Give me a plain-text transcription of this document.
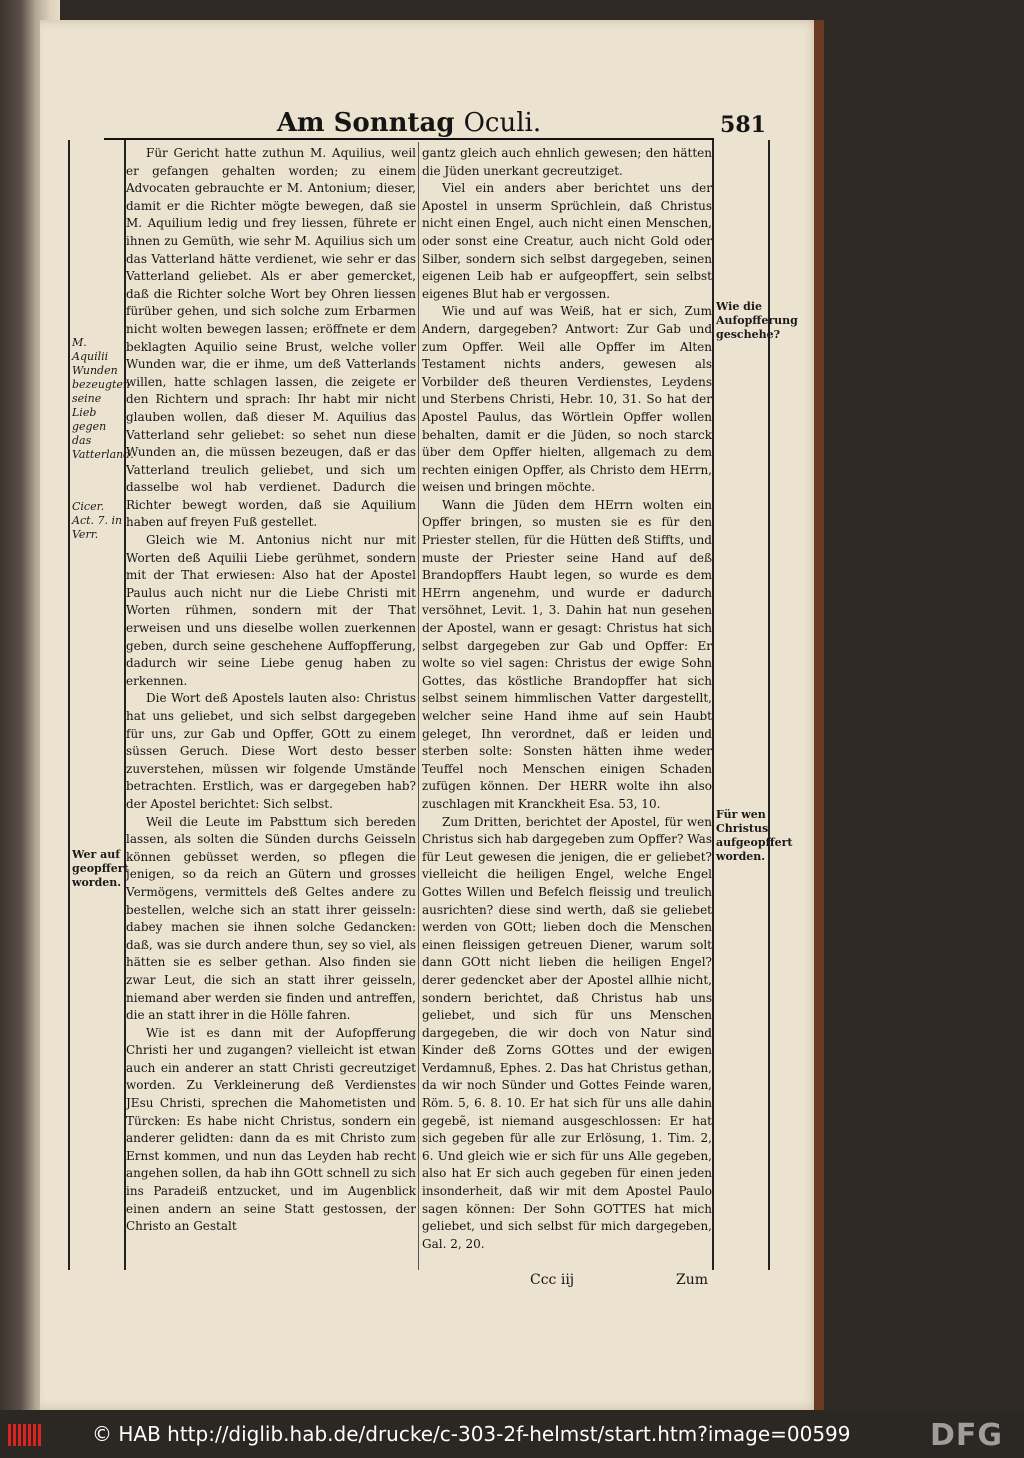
Am Sonntag Oculi.	581
M. Aquilii Wunden bezeugten seine Lieb gegen das Vatterland.
Cicer. Act. 7. in Verr.
Wer auf geopffert worden.
Wie die Aufopfferung geschehe?
Für wen Christus aufgeopffert worden.

Für Gericht hatte zuthun M. Aquilius, weil er gefangen gehalten worden; zu einem Advocaten gebrauchte er M. Antonium; dieser, damit er die Richter mögte bewegen, daß sie M. Aquilium ledig und frey liessen, führete er ihnen zu Gemüth, wie sehr M. Aquilius sich um das Vatterland hätte verdienet, wie sehr er das Vatterland geliebet. Als er aber gemercket, daß die Richter solche Wort bey Ohren liessen fürüber gehen, und sich solche zum Erbarmen nicht wolten bewegen lassen; eröffnete er dem beklagten Aquilio seine Brust, welche voller Wunden war, die er ihme, um deß Vatterlands willen, hatte schlagen lassen, die zeigete er den Richtern und sprach: Ihr habt mir nicht glauben wollen, daß dieser M. Aquilius das Vatterland sehr geliebet: so sehet nun diese Wunden an, die müssen bezeugen, daß er das Vatterland treulich geliebet, und sich um dasselbe wol hab verdienet. Dadurch die Richter bewegt worden, daß sie Aquilium haben auf freyen Fuß gestellet.

Gleich wie M. Antonius nicht nur mit Worten deß Aquilii Liebe gerühmet, sondern mit der That erwiesen: Also hat der Apostel Paulus auch nicht nur die Liebe Christi mit Worten rühmen, sondern mit der That erweisen und uns dieselbe wollen zuerkennen geben, durch seine geschehene Auffopfferung, dadurch wir seine Liebe genug haben zu erkennen.

Die Wort deß Apostels lauten also: Christus hat uns geliebet, und sich selbst dargegeben für uns, zur Gab und Opffer, GOtt zu einem süssen Geruch. Diese Wort desto besser zuverstehen, müssen wir folgende Umstände betrachten. Erstlich, was er dargegeben hab? der Apostel berichtet: Sich selbst.

Weil die Leute im Pabsttum sich bereden lassen, als solten die Sünden durchs Geisseln können gebüsset werden, so pflegen die jenigen, so da reich an Gütern und grosses Vermögens, vermittels deß Geltes andere zu bestellen, welche sich an statt ihrer geisseln: dabey machen sie ihnen solche Gedancken: daß, was sie durch andere thun, sey so viel, als hätten sie es selber gethan. Also finden sie zwar Leut, die sich an statt ihrer geisseln, niemand aber werden sie finden und antreffen, die an statt ihrer in die Hölle fahren.

Wie ist es dann mit der Aufopfferung Christi her und zugangen? vielleicht ist etwan auch ein anderer an statt Christi gecreutziget worden. Zu Verkleinerung deß Verdienstes JEsu Christi, sprechen die Mahometisten und Türcken: Es habe nicht Christus, sondern ein anderer gelidten: dann da es mit Christo zum Ernst kommen, und nun das Leyden hab recht angehen sollen, da hab ihn GOtt schnell zu sich ins Paradeiß entzucket, und im Augenblick einen andern an seine Statt gestossen, der Christo an Gestalt

gantz gleich auch ehnlich gewesen; den hätten die Jüden unerkant gecreutziget.

Viel ein anders aber berichtet uns der Apostel in unserm Sprüchlein, daß Christus nicht einen Engel, auch nicht einen Menschen, oder sonst eine Creatur, auch nicht Gold oder Silber, sondern sich selbst dargegeben, seinen eigenen Leib hab er aufgeopffert, sein selbst eigenes Blut hab er vergossen.

Wie und auf was Weiß, hat er sich, Zum Andern, dargegeben? Antwort: Zur Gab und zum Opffer. Weil alle Opffer im Alten Testament nichts anders, gewesen als Vorbilder deß theuren Verdienstes, Leydens und Sterbens Christi, Hebr. 10, 31. So hat der Apostel Paulus, das Wörtlein Opffer wollen behalten, damit er die Jüden, so noch starck über dem Opffer hielten, allgemach zu dem rechten einigen Opffer, als Christo dem HErrn, weisen und bringen möchte.

Wann die Jüden dem HErrn wolten ein Opffer bringen, so musten sie es für den Priester stellen, für die Hütten deß Stiffts, und muste der Priester seine Hand auf deß Brandopffers Haubt legen, so wurde es dem HErrn angenehm, und wurde er dadurch versöhnet, Levit. 1, 3. Dahin hat nun gesehen der Apostel, wann er gesagt: Christus hat sich selbst dargegeben zur Gab und Opffer: Er wolte so viel sagen: Christus der ewige Sohn Gottes, das köstliche Brandopffer hat sich selbst seinem himmlischen Vatter dargestellt, welcher seine Hand ihme auf sein Haubt geleget, Ihn verordnet, daß er leiden und sterben solte: Sonsten hätten ihme weder Teuffel noch Menschen einigen Schaden zufügen können. Der HERR wolte ihn also zuschlagen mit Kranckheit Esa. 53, 10.

Zum Dritten, berichtet der Apostel, für wen Christus sich hab dargegeben zum Opffer? Was für Leut gewesen die jenigen, die er geliebet? vielleicht die heiligen Engel, welche Engel Gottes Willen und Befelch fleissig und treulich ausrichten? diese sind werth, daß sie geliebet werden von GOtt; lieben doch die Menschen einen fleissigen getreuen Diener, warum solt dann GOtt nicht lieben die heiligen Engel? derer gedencket aber der Apostel allhie nicht, sondern berichtet, daß Christus hab uns geliebet, und sich für uns Menschen dargegeben, die wir doch von Natur sind Kinder deß Zorns GOttes und der ewigen Verdamnuß, Ephes. 2. Das hat Christus gethan, da wir noch Sünder und Gottes Feinde waren, Röm. 5, 6. 8. 10. Er hat sich für uns alle dahin gegebẽ, ist niemand ausgeschlossen: Er hat sich gegeben für alle zur Erlösung, 1. Tim. 2, 6. Und gleich wie er sich für uns Alle gegeben, also hat Er sich auch gegeben für einen jeden insonderheit, daß wir mit dem Apostel Paulo sagen können: Der Sohn GOTTES hat mich geliebet, und sich selbst für mich dargegeben, Gal. 2, 20.

Ccc iij	Zum
© HAB http://diglib.hab.de/drucke/c-303-2f-helmst/start.htm?image=00599	DFG
